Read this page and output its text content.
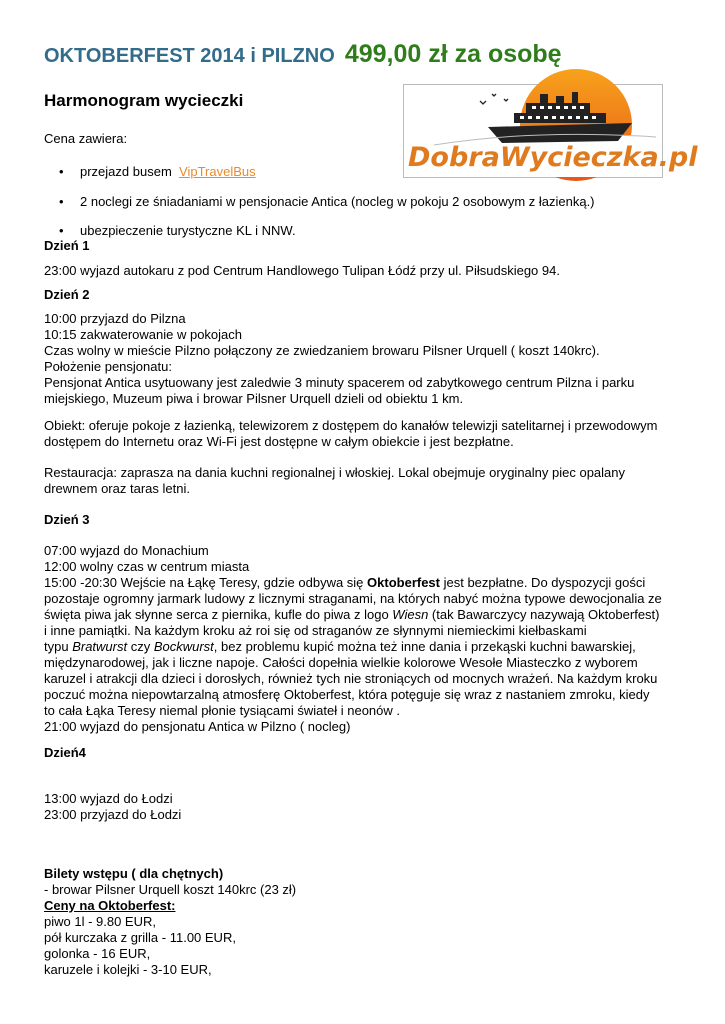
OKTOBERFEST 2014 i PILZNO 499,00 zł za osobę
Harmonogram wycieczki
DobraWycieczka.pl
Cena zawiera:
• przejazd busem VipTravelBus
• 2 noclegi ze śniadaniami w pensjonacie Antica (nocleg w pokoju 2 osobowym z łazienką.)
• ubezpieczenie turystyczne KL i NNW.
Dzień 1
23:00 wyjazd autokaru z pod Centrum Handlowego Tulipan Łódź przy ul. Piłsudskiego 94.
Dzień 2

10:00 przyjazd do Pilzna

10:15 zakwaterowanie w pokojach

Czas wolny w mieście Pilzno połączony ze zwiedzaniem browaru Pilsner Urquell ( koszt 140krc).

Położenie pensjonatu:

Pensjonat Antica usytuowany jest zaledwie 3 minuty spacerem od zabytkowego centrum Pilzna i parku

miejskiego, Muzeum piwa i browar Pilsner Urquell dzieli od obiektu 1 km.

Obiekt: oferuje pokoje z łazienką, telewizorem z dostępem do kanałów telewizji satelitarnej i przewodowym

dostępem do Internetu oraz Wi-Fi jest dostępne w całym obiekcie i jest bezpłatne.

Restauracja: zaprasza na dania kuchni regionalnej i włoskiej. Lokal obejmuje oryginalny piec opalany

drewnem oraz taras letni.

Dzień 3

07:00 wyjazd do Monachium

12:00 wolny czas w centrum miasta

15:00 -20:30 Wejście na Łąkę Teresy, gdzie odbywa się Oktoberfest jest bezpłatne. Do dyspozycji gości

pozostaje ogromny jarmark ludowy z licznymi straganami, na których nabyć można typowe dewocjonalia ze

święta piwa jak słynne serca z piernika, kufle do piwa z logo Wiesn (tak Bawarczycy nazywają Oktoberfest)

i inne pamiątki. Na każdym kroku aż roi się od straganów ze słynnymi niemieckimi kiełbaskami

typu Bratwurst czy Bockwurst, bez problemu kupić można też inne dania i przekąski kuchni bawarskiej,

międzynarodowej, jak i liczne napoje. Całości dopełnia wielkie kolorowe Wesołe Miasteczko z wyborem

karuzel i atrakcji dla dzieci i dorosłych, również tych nie stroniących od mocnych wrażeń. Na każdym kroku

poczuć można niepowtarzalną atmosferę Oktoberfest, która potęguje się wraz z nastaniem zmroku, kiedy

to cała Łąka Teresy niemal płonie tysiącami świateł i neonów .

21:00 wyjazd do pensjonatu Antica w Pilzno ( nocleg)

Dzień4

13:00 wyjazd do Łodzi

23:00 przyjazd do Łodzi

Bilety wstępu ( dla chętnych)

- browar Pilsner Urquell koszt 140krc (23 zł)

Ceny na Oktoberfest:

piwo 1l - 9.80 EUR,

pół kurczaka z grilla - 11.00 EUR,

golonka - 16 EUR,

karuzele i kolejki - 3-10 EUR,
